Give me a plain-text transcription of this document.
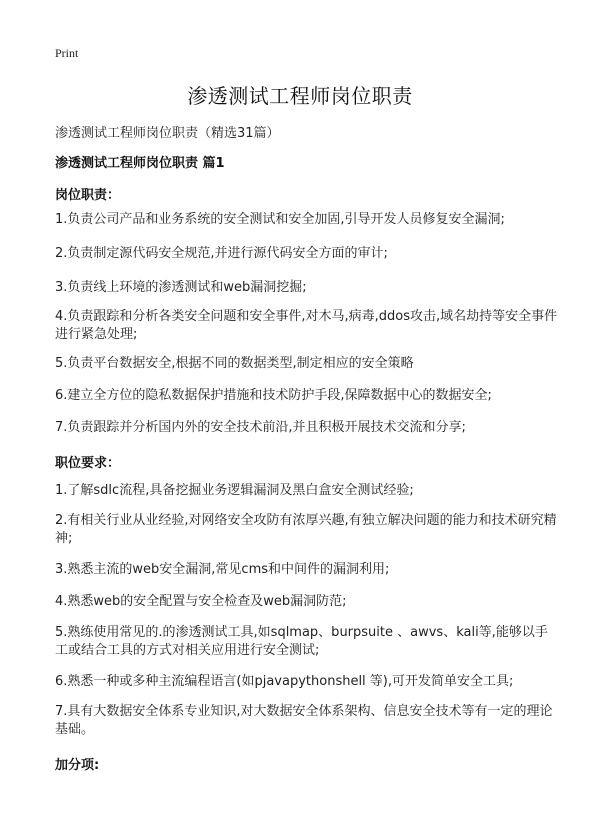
Print
渗透测试工程师岗位职责
渗透测试工程师岗位职责（精选31篇）
渗透测试工程师岗位职责 篇1
岗位职责：
1.负责公司产品和业务系统的安全测试和安全加固,引导开发人员修复安全漏洞;
2.负责制定源代码安全规范,并进行源代码安全方面的审计;
3.负责线上环境的渗透测试和web漏洞挖掘;
4.负责跟踪和分析各类安全问题和安全事件,对木马,病毒,ddos攻击,域名劫持等安全事件进行紧急处理;
5.负责平台数据安全,根据不同的数据类型,制定相应的安全策略
6.建立全方位的隐私数据保护措施和技术防护手段,保障数据中心的数据安全;
7.负责跟踪并分析国内外的安全技术前沿,并且积极开展技术交流和分享;
职位要求：
1.了解sdlc流程,具备挖掘业务逻辑漏洞及黑白盒安全测试经验;
2.有相关行业从业经验,对网络安全攻防有浓厚兴趣,有独立解决问题的能力和技术研究精神;
3.熟悉主流的web安全漏洞,常见cms和中间件的漏洞利用;
4.熟悉web的安全配置与安全检查及web漏洞防范;
5.熟练使用常见的.的渗透测试工具,如sqlmap、burpsuite 、awvs、kali等,能够以手工或结合工具的方式对相关应用进行安全测试;
6.熟悉一种或多种主流编程语言(如pjavapythonshell 等),可开发简单安全工具;
7.具有大数据安全体系专业知识,对大数据安全体系架构、信息安全技术等有一定的理论基础。
加分项:
